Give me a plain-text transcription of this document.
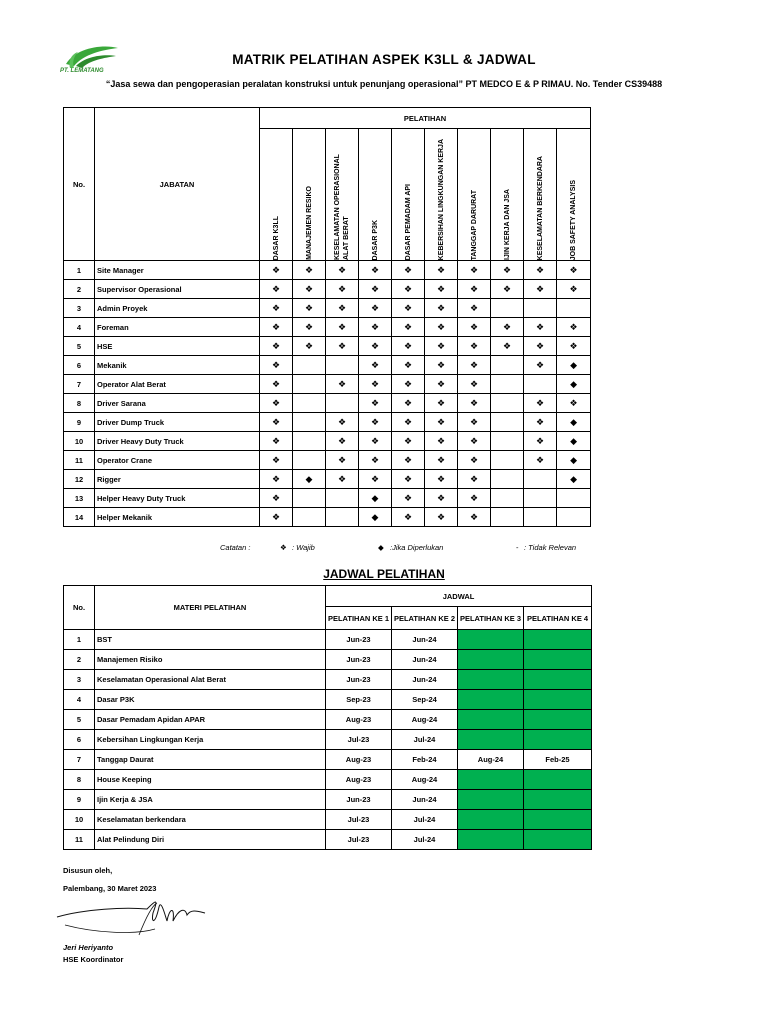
PT. LEMATANG
MATRIK PELATIHAN ASPEK K3LL & JADWAL
“Jasa sewa dan pengoperasian peralatan konstruksi untuk penunjang operasional” PT MEDCO E & P RIMAU. No. Tender CS39488
No.	JABATAN	PELATIHAN									

		DASAR K3LL	MANAJEMEN RESIKO	KESELAMATAN OPERASIONAL ALAT BERAT	DASAR P3K	DASAR PEMADAM API	KEBERSIHAN LINGKUNGAN KERJA	TANGGAP DARURAT	IJIN KERJA DAN JSA	KESELAMATAN BERKENDARA	JOB SAFETY ANALYSIS

1	Site Manager	❖	❖	❖	❖	❖	❖	❖	❖	❖	❖
2	Supervisor Operasional	❖	❖	❖	❖	❖	❖	❖	❖	❖	❖
3	Admin Proyek	❖	❖	❖	❖	❖	❖	❖			
4	Foreman	❖	❖	❖	❖	❖	❖	❖	❖	❖	❖
5	HSE	❖	❖	❖	❖	❖	❖	❖	❖	❖	❖
6	Mekanik	❖			❖	❖	❖	❖		❖	◆
7	Operator Alat Berat	❖		❖	❖	❖	❖	❖			◆
8	Driver Sarana	❖			❖	❖	❖	❖		❖	❖
9	Driver Dump Truck	❖		❖	❖	❖	❖	❖		❖	◆
10	Driver Heavy Duty Truck	❖		❖	❖	❖	❖	❖		❖	◆
11	Operator Crane	❖		❖	❖	❖	❖	❖		❖	◆
12	Rigger	❖	◆	❖	❖	❖	❖	❖			◆
13	Helper Heavy Duty Truck	❖			◆	❖	❖	❖			
14	Helper Mekanik	❖			◆	❖	❖	❖			
Catatan :	❖ : Wajib	◆ :Jika Diperlukan	- : Tidak Relevan
JADWAL PELATIHAN
No.	MATERI PELATIHAN	JADWAL			
		PELATIHAN KE 1	PELATIHAN KE 2	PELATIHAN KE 3	PELATIHAN KE 4
1	BST	Jun-23	Jun-24		
2	Manajemen Risiko	Jun-23	Jun-24		
3	Keselamatan Operasional Alat Berat	Jun-23	Jun-24		
4	Dasar P3K	Sep-23	Sep-24		
5	Dasar Pemadam Apidan APAR	Aug-23	Aug-24		
6	Kebersihan Lingkungan Kerja	Jul-23	Jul-24		
7	Tanggap Daurat	Aug-23	Feb-24	Aug-24	Feb-25
8	House Keeping	Aug-23	Aug-24		
9	Ijin Kerja & JSA	Jun-23	Jun-24		
10	Keselamatan berkendara	Jul-23	Jul-24		
11	Alat Pelindung Diri	Jul-23	Jul-24		
Disusun oleh,
Palembang, 30 Maret 2023
Jeri Heriyanto
HSE Koordinator
